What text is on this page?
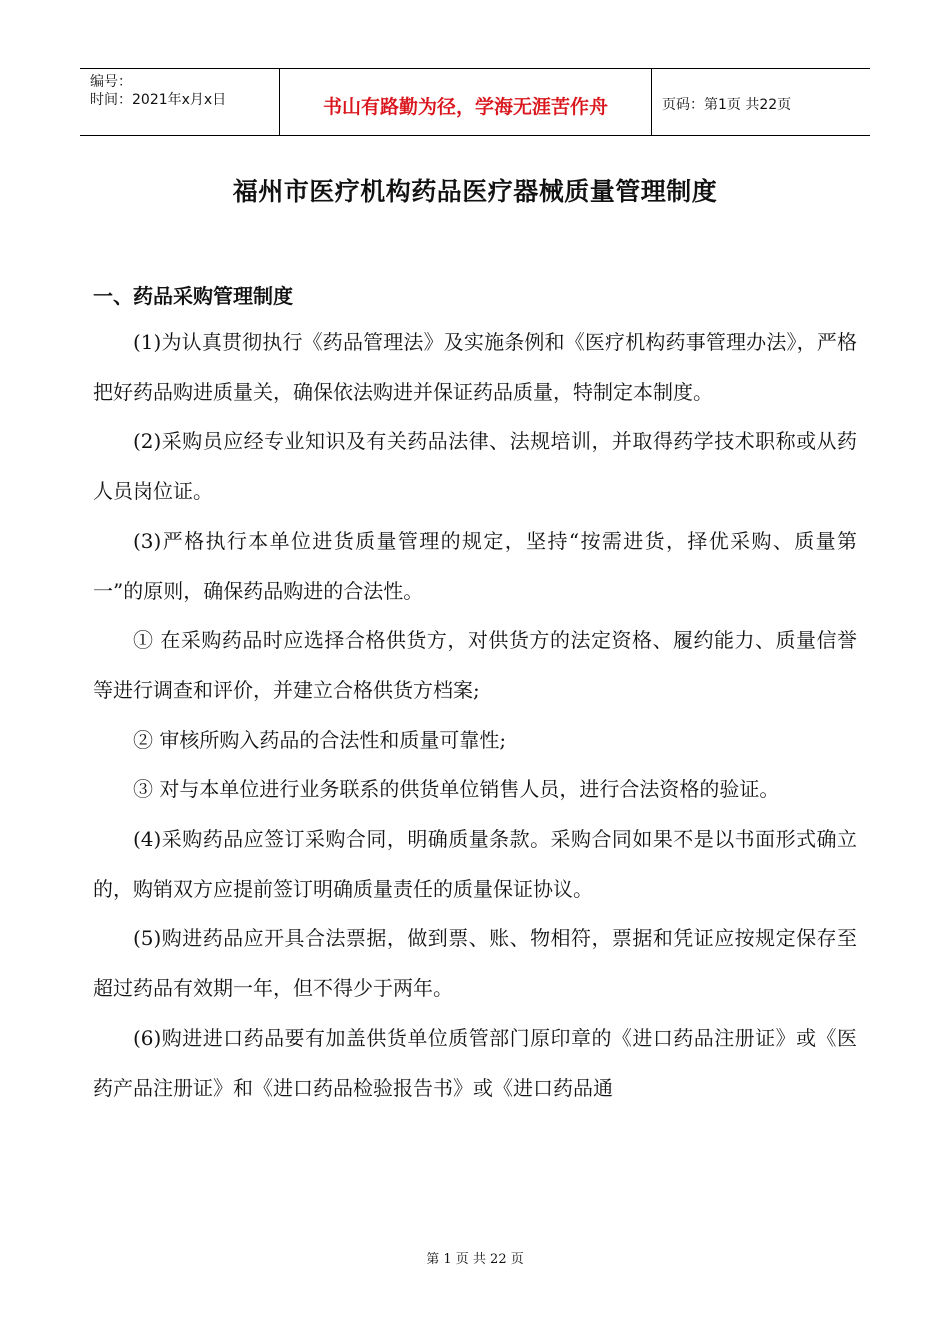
编号：
时间：2021年x月x日	书山有路勤为径，学海无涯苦作舟	页码：第1页 共22页
福州市医疗机构药品医疗器械质量管理制度
一、药品采购管理制度

(1)为认真贯彻执行《药品管理法》及实施条例和《医疗机构药事管理办法》，严格把好药品购进质量关，确保依法购进并保证药品质量，特制定本制度。

(2)采购员应经专业知识及有关药品法律、法规培训，并取得药学技术职称或从药人员岗位证。

(3)严格执行本单位进货质量管理的规定，坚持“按需进货，择优采购、质量第一”的原则，确保药品购进的合法性。

① 在采购药品时应选择合格供货方，对供货方的法定资格、履约能力、质量信誉等进行调查和评价，并建立合格供货方档案;

② 审核所购入药品的合法性和质量可靠性;

③ 对与本单位进行业务联系的供货单位销售人员，进行合法资格的验证。

(4)采购药品应签订采购合同，明确质量条款。采购合同如果不是以书面形式确立的，购销双方应提前签订明确质量责任的质量保证协议。

(5)购进药品应开具合法票据，做到票、账、物相符，票据和凭证应按规定保存至超过药品有效期一年，但不得少于两年。

(6)购进进口药品要有加盖供货单位质管部门原印章的《进口药品注册证》或《医药产品注册证》和《进口药品检验报告书》或《进口药品通

第 1 页 共 22 页
